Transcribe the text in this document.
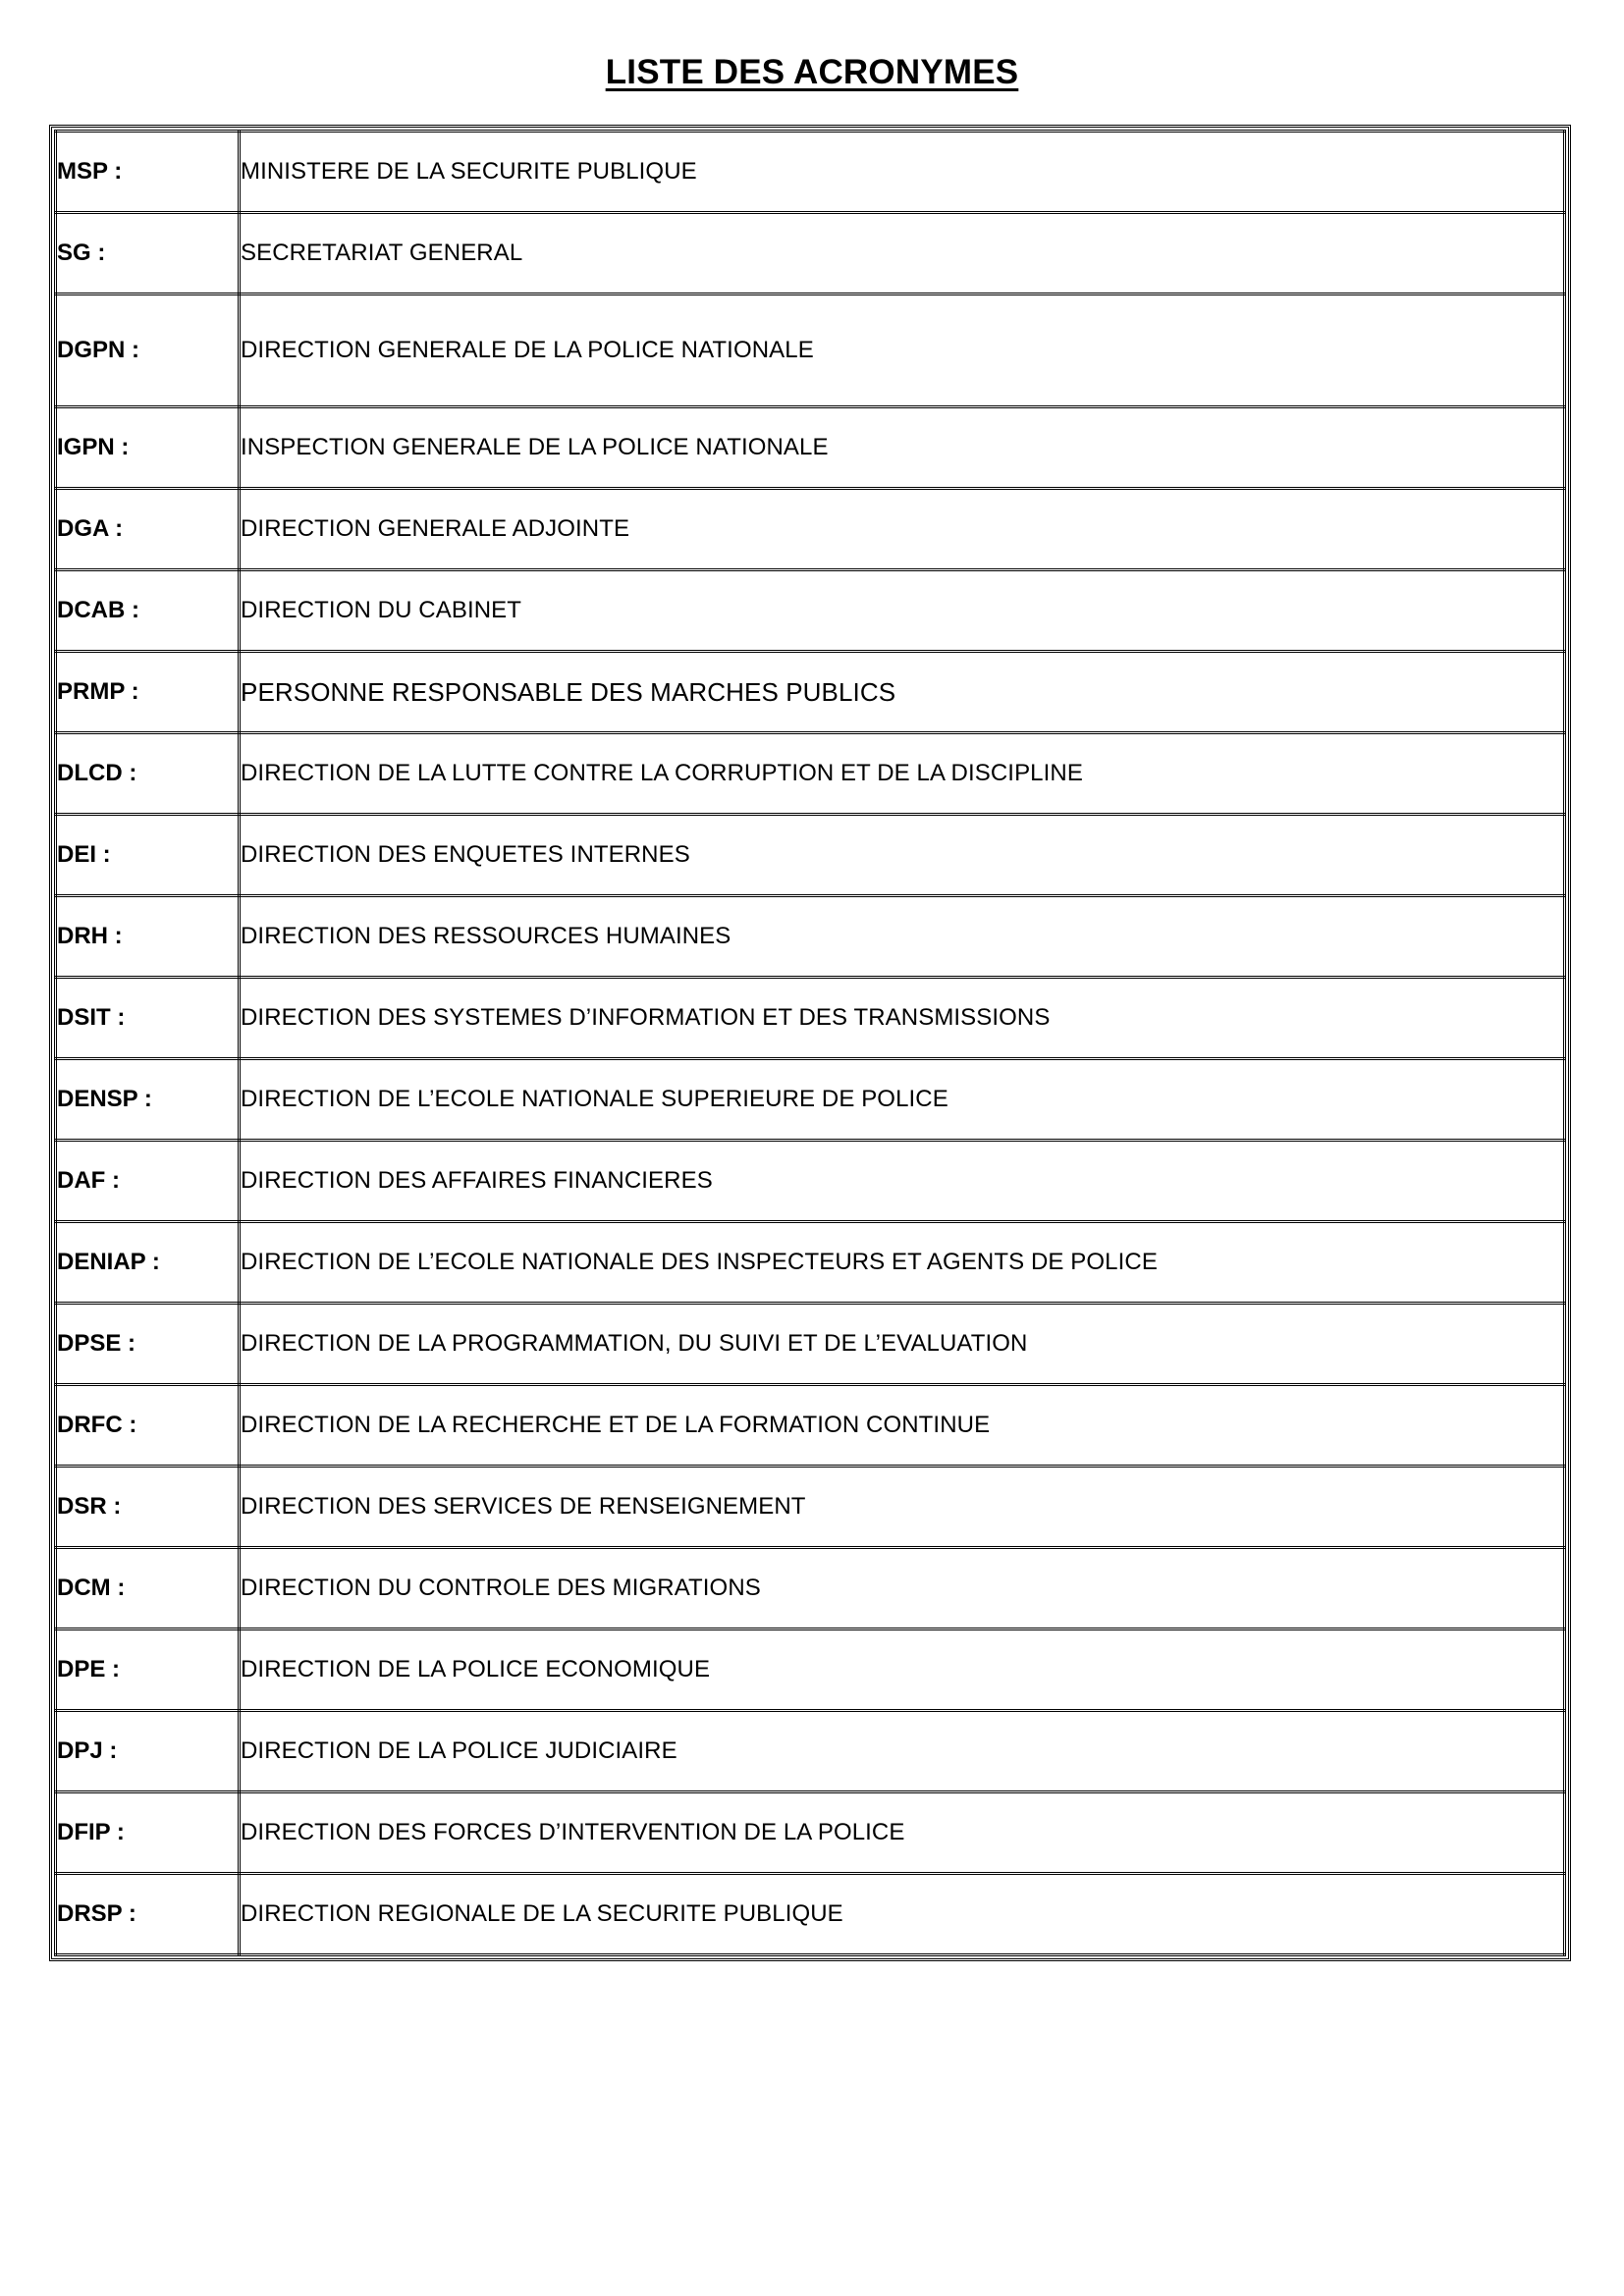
LISTE DES ACRONYMES
MSP :	MINISTERE DE LA SECURITE PUBLIQUE
SG :	SECRETARIAT GENERAL
DGPN :	DIRECTION GENERALE DE LA POLICE NATIONALE
IGPN :	INSPECTION GENERALE DE LA POLICE NATIONALE
DGA :	DIRECTION GENERALE ADJOINTE
DCAB :	DIRECTION DU CABINET
PRMP :	PERSONNE RESPONSABLE DES MARCHES PUBLICS
DLCD :	DIRECTION DE LA LUTTE CONTRE LA CORRUPTION ET DE LA DISCIPLINE
DEI :	DIRECTION DES ENQUETES INTERNES
DRH :	DIRECTION DES RESSOURCES HUMAINES
DSIT :	DIRECTION DES SYSTEMES D’INFORMATION ET DES TRANSMISSIONS
DENSP :	DIRECTION DE L’ECOLE NATIONALE SUPERIEURE DE POLICE
DAF :	DIRECTION DES AFFAIRES FINANCIERES
DENIAP :	DIRECTION DE L’ECOLE NATIONALE DES INSPECTEURS ET AGENTS DE POLICE
DPSE :	DIRECTION DE LA PROGRAMMATION, DU SUIVI ET DE L’EVALUATION
DRFC :	DIRECTION DE LA RECHERCHE ET DE LA FORMATION CONTINUE
DSR :	DIRECTION DES SERVICES DE RENSEIGNEMENT
DCM :	DIRECTION DU CONTROLE DES MIGRATIONS
DPE :	DIRECTION DE LA POLICE ECONOMIQUE
DPJ :	DIRECTION DE LA POLICE JUDICIAIRE
DFIP :	DIRECTION DES FORCES D’INTERVENTION DE LA POLICE
DRSP :	DIRECTION REGIONALE DE LA SECURITE PUBLIQUE
